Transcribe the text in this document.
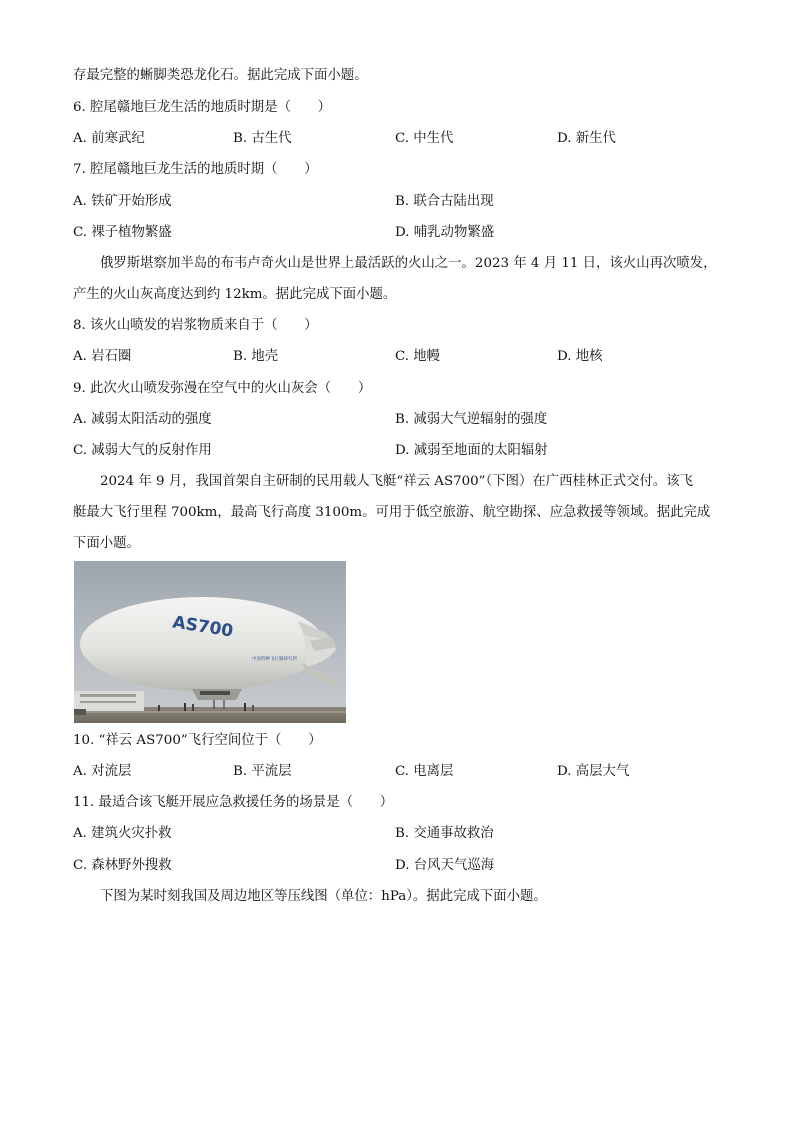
存最完整的蜥脚类恐龙化石。据此完成下面小题。
6. 腔尾赣地巨龙生活的地质时期是（　　）
A. 前寒武纪	B. 古生代	C. 中生代	D. 新生代
7. 腔尾赣地巨龙生活的地质时期（　　）
A. 铁矿开始形成	B. 联合古陆出现
C. 裸子植物繁盛	D. 哺乳动物繁盛
俄罗斯堪察加半岛的布韦卢奇火山是世界上最活跃的火山之一。2023 年 4 月 11 日，该火山再次喷发，
产生的火山灰高度达到约 12km。据此完成下面小题。
8. 该火山喷发的岩浆物质来自于（　　）
A. 岩石圈	B. 地壳	C. 地幔	D. 地核
9. 此次火山喷发弥漫在空气中的火山灰会（　　）
A. 减弱太阳活动的强度	B. 减弱大气逆辐射的强度
C. 减弱大气的反射作用	D. 减弱至地面的太阳辐射
2024 年 9 月，我国首架自主研制的民用载人飞艇“祥云 AS700”（下图）在广西桂林正式交付。该飞
艇最大飞行里程 700km，最高飞行高度 3100m。可用于低空旅游、航空勘探、应急救援等领域。据此完成
下面小题。
AS700
中国特种飞行器研究所
10. “祥云 AS700”飞行空间位于（　　）
A. 对流层	B. 平流层	C. 电离层	D. 高层大气
11. 最适合该飞艇开展应急救援任务的场景是（　　）
A. 建筑火灾扑救	B. 交通事故救治
C. 森林野外搜救	D. 台风天气巡海
下图为某时刻我国及周边地区等压线图（单位：hPa）。据此完成下面小题。
